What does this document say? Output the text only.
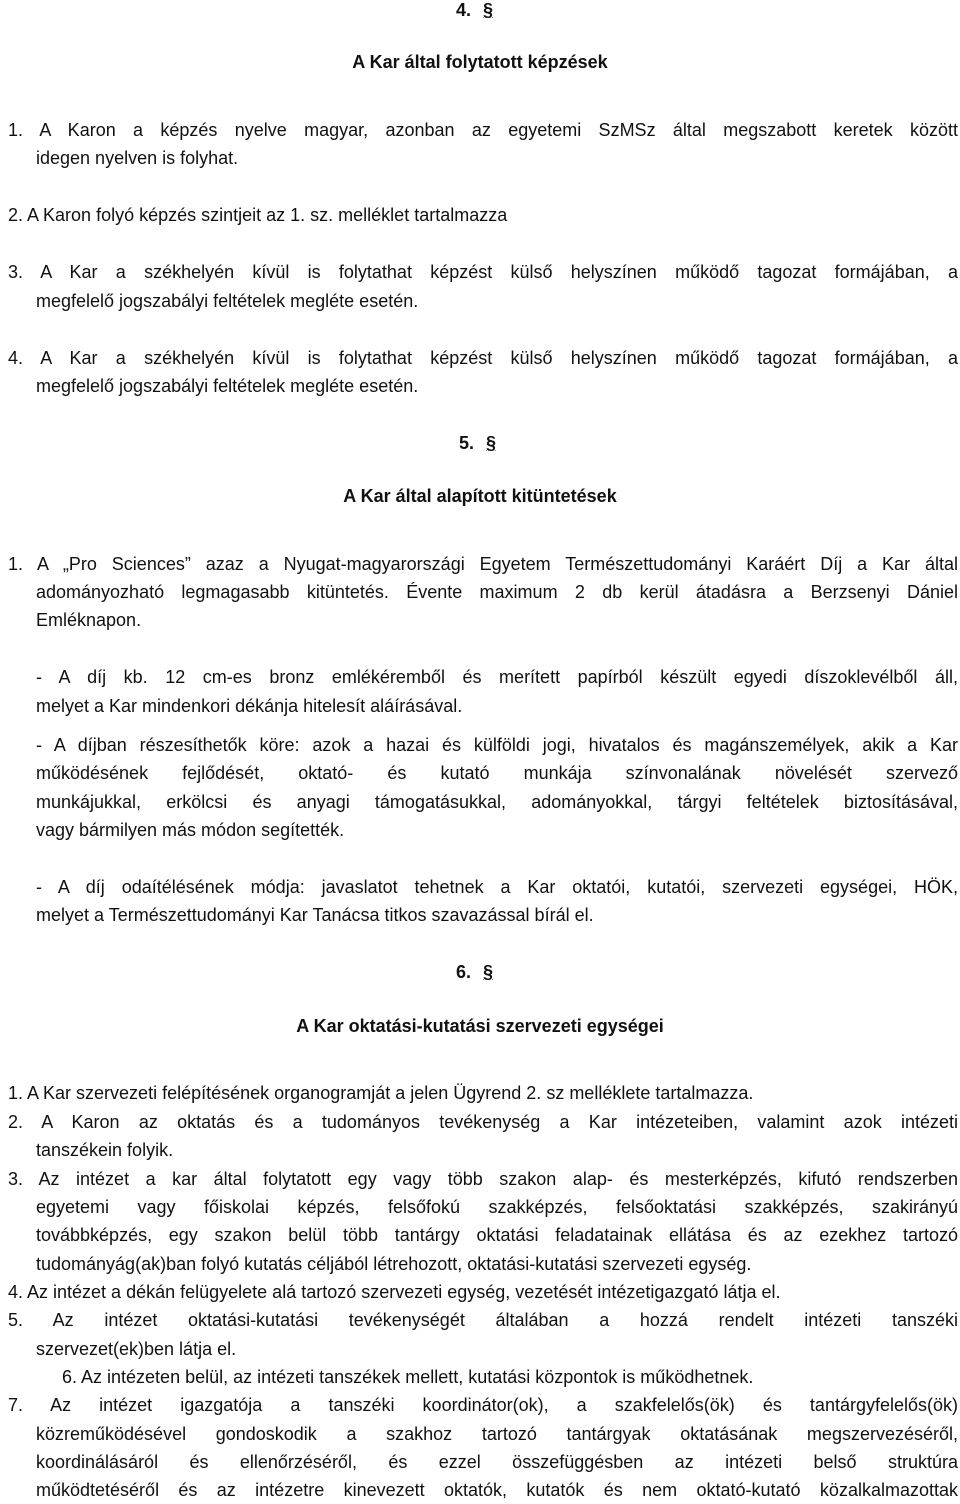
4. §

A Kar által folytatott képzések

1. A Karon a képzés nyelve magyar, azonban az egyetemi SzMSz által megszabott keretek között

idegen nyelven is folyhat.

2. A Karon folyó képzés szintjeit az 1. sz. melléklet tartalmazza

3. A Kar a székhelyén kívül is folytathat képzést külső helyszínen működő tagozat formájában, a

megfelelő jogszabályi feltételek megléte esetén.

4. A Kar a székhelyén kívül is folytathat képzést külső helyszínen működő tagozat formájában, a

megfelelő jogszabályi feltételek megléte esetén.

5. §

A Kar által alapított kitüntetések

1. A „Pro Sciences” azaz a Nyugat-magyarországi Egyetem Természettudományi Karáért Díj a Kar által

adományozható legmagasabb kitüntetés. Évente maximum 2 db kerül átadásra a Berzsenyi Dániel

Emléknapon.

- A díj kb. 12 cm-es bronz emlékéremből és merített papírból készült egyedi díszoklevélből áll,

melyet a Kar mindenkori dékánja hitelesít aláírásával.

- A díjban részesíthetők köre: azok a hazai és külföldi jogi, hivatalos és magánszemélyek, akik a Kar

működésének fejlődését, oktató- és kutató munkája színvonalának növelését szervező

munkájukkal, erkölcsi és anyagi támogatásukkal, adományokkal, tárgyi feltételek biztosításával,

vagy bármilyen más módon segítették.

- A díj odaítélésének módja: javaslatot tehetnek a Kar oktatói, kutatói, szervezeti egységei, HÖK,

melyet a Természettudományi Kar Tanácsa titkos szavazással bírál el.

6. §

A Kar oktatási-kutatási szervezeti egységei

1. A Kar szervezeti felépítésének organogramját a jelen Ügyrend 2. sz melléklete tartalmazza.

2. A Karon az oktatás és a tudományos tevékenység a Kar intézeteiben, valamint azok intézeti

tanszékein folyik.

3. Az intézet a kar által folytatott egy vagy több szakon alap- és mesterképzés, kifutó rendszerben

egyetemi vagy főiskolai képzés, felsőfokú szakképzés, felsőoktatási szakképzés, szakirányú

továbbképzés, egy szakon belül több tantárgy oktatási feladatainak ellátása és az ezekhez tartozó

tudományág(ak)ban folyó kutatás céljából létrehozott, oktatási-kutatási szervezeti egység.

4. Az intézet a dékán felügyelete alá tartozó szervezeti egység, vezetését intézetigazgató látja el.

5. Az intézet oktatási-kutatási tevékenységét általában a hozzá rendelt intézeti tanszéki

szervezet(ek)ben látja el.

6. Az intézeten belül, az intézeti tanszékek mellett, kutatási központok is működhetnek.

7. Az intézet igazgatója a tanszéki koordinátor(ok), a szakfelelős(ök) és tantárgyfelelős(ök)

közreműködésével gondoskodik a szakhoz tartozó tantárgyak oktatásának megszervezéséről,

koordinálásáról és ellenőrzéséről, és ezzel összefüggésben az intézeti belső struktúra

működtetéséről és az intézetre kinevezett oktatók, kutatók és nem oktató-kutató közalkalmazottak
